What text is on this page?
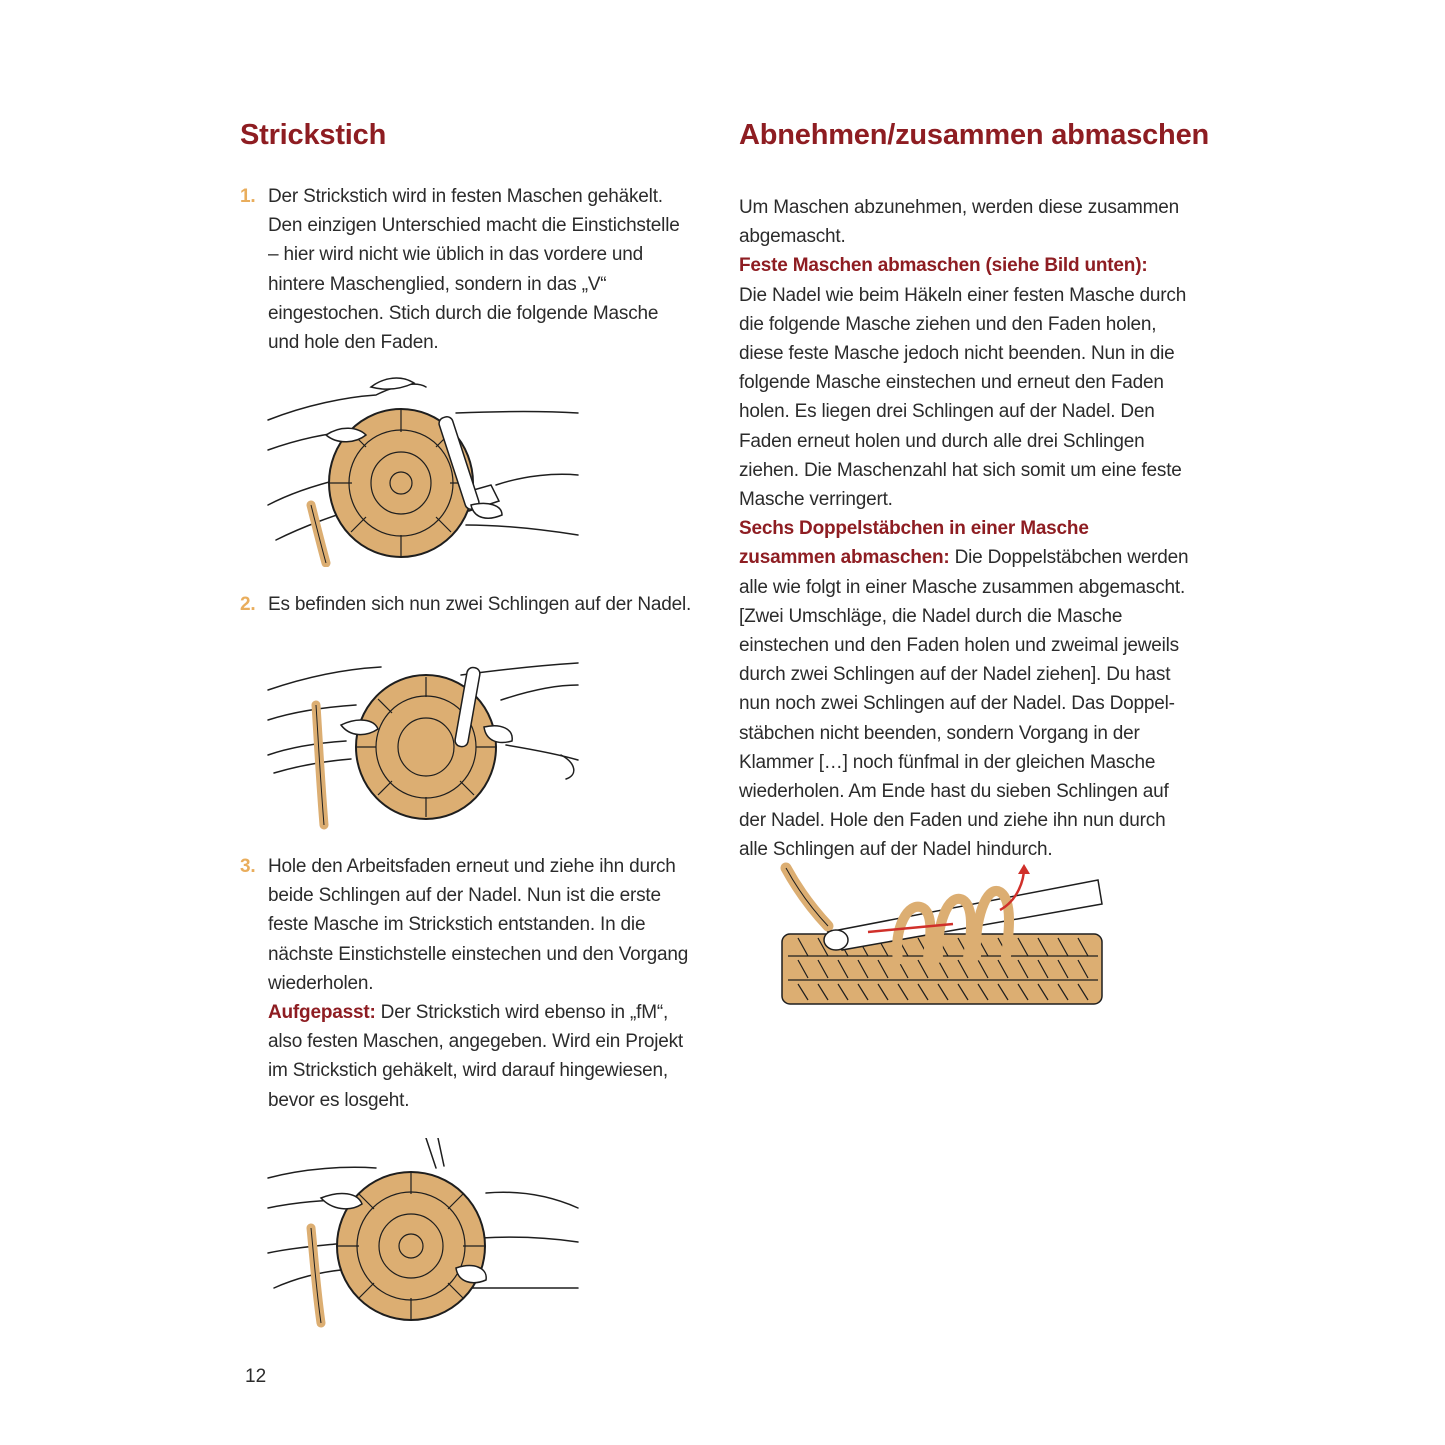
Strickstich
1. Der Strickstich wird in festen Maschen gehäkelt. Den einzigen Unterschied macht die Einstichstelle – hier wird nicht wie üblich in das vordere und hintere Maschenglied, sondern in das „V“ eingestochen. Stich durch die folgende Masche und hole den Faden.
2. Es befinden sich nun zwei Schlingen auf der Nadel.
3. Hole den Arbeitsfaden erneut und ziehe ihn durch beide Schlingen auf der Nadel. Nun ist die erste feste Masche im Strickstich entstanden. In die nächste Einstichstelle einstechen und den Vorgang wiederholen.
Aufgepasst: Der Strickstich wird ebenso in „fM“, also festen Maschen, angegeben. Wird ein Projekt im Strickstich gehäkelt, wird darauf hingewiesen, bevor es losgeht.
12
Abnehmen/zusammen abmaschen

Um Maschen abzunehmen, werden diese zusammen abgemascht.

Feste Maschen abmaschen (siehe Bild unten):

Die Nadel wie beim Häkeln einer festen Masche durch die folgende Masche ziehen und den Faden holen, diese feste Masche jedoch nicht beenden. Nun in die folgende Masche einstechen und erneut den Faden holen. Es liegen drei Schlingen auf der Nadel. Den Faden erneut holen und durch alle drei Schlingen ziehen. Die Maschenzahl hat sich somit um eine feste Masche verringert.

Sechs Doppelstäbchen in einer Masche zusammen abmaschen: Die Doppelstäbchen werden alle wie folgt in einer Masche zusammen abgemascht. [Zwei Umschläge, die Nadel durch die Masche einstechen und den Faden holen und zweimal jeweils durch zwei Schlingen auf der Nadel ziehen]. Du hast nun noch zwei Schlingen auf der Nadel. Das Doppelstäbchen nicht beenden, sondern Vorgang in der Klammer […] noch fünfmal in der gleichen Masche wiederholen. Am Ende hast du sieben Schlingen auf der Nadel. Hole den Faden und ziehe ihn nun durch alle Schlingen auf der Nadel hindurch.
